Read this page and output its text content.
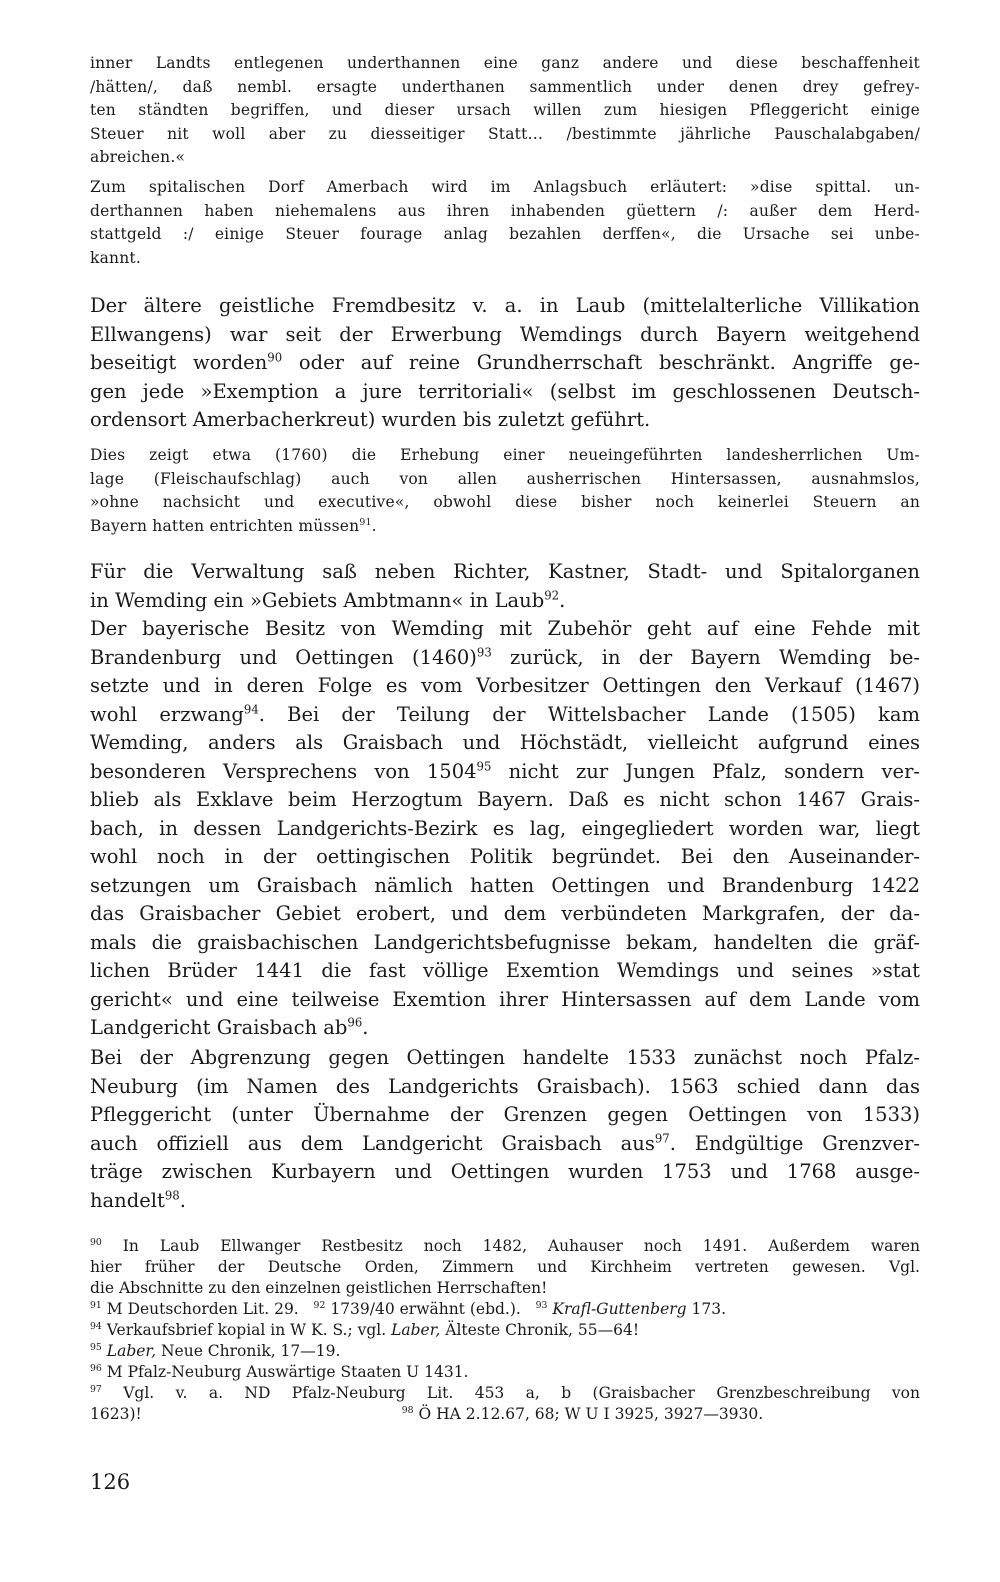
inner Landts entlegenen underthannen eine ganz andere und diese beschaffenheit
/hätten/, daß nembl. ersagte underthanen sammentlich under denen drey gefrey-
ten ständten begriffen, und dieser ursach willen zum hiesigen Pfleggericht einige
Steuer nit woll aber zu diesseitiger Statt… /bestimmte jährliche Pauschalabgaben/
abreichen.«
Zum spitalischen Dorf Amerbach wird im Anlagsbuch erläutert: »dise spittal. un-
derthannen haben niehemalens aus ihren inhabenden güettern /: außer dem Herd-
stattgeld :/ einige Steuer fourage anlag bezahlen derffen«, die Ursache sei unbe-
kannt.
Der ältere geistliche Fremdbesitz v. a. in Laub (mittelalterliche Villikation
Ellwangens) war seit der Erwerbung Wemdings durch Bayern weitgehend
beseitigt worden$^{90}$ oder auf reine Grundherrschaft beschränkt. Angriffe ge-
gen jede »Exemption a jure territoriali« (selbst im geschlossenen Deutsch-
ordensort Amerbacherkreut) wurden bis zuletzt geführt.
Dies zeigt etwa (1760) die Erhebung einer neueingeführten landesherrlichen Um-
lage (Fleischaufschlag) auch von allen ausherrischen Hintersassen, ausnahmslos,
»ohne nachsicht und executive«, obwohl diese bisher noch keinerlei Steuern an
Bayern hatten entrichten müssen$^{91}$.
Für die Verwaltung saß neben Richter, Kastner, Stadt- und Spitalorganen
in Wemding ein »Gebiets Ambtmann« in Laub$^{92}$.
Der bayerische Besitz von Wemding mit Zubehör geht auf eine Fehde mit
Brandenburg und Oettingen $(1460)^{93}$ zurück, in der Bayern Wemding be-
setzte und in deren Folge es vom Vorbesitzer Oettingen den Verkauf (1467)
wohl erzwang$^{94}$. Bei der Teilung der Wittelsbacher Lande (1505) kam
Wemding, anders als Graisbach und Höchstädt, vielleicht aufgrund eines
besonderen Versprechens von 1504$^{95}$ nicht zur Jungen Pfalz, sondern ver-
blieb als Exklave beim Herzogtum Bayern. Daß es nicht schon 1467 Grais-
bach, in dessen Landgerichts-Bezirk es lag, eingegliedert worden war, liegt
wohl noch in der oettingischen Politik begründet. Bei den Auseinander-
setzungen um Graisbach nämlich hatten Oettingen und Brandenburg 1422
das Graisbacher Gebiet erobert, und dem verbündeten Markgrafen, der da-
mals die graisbachischen Landgerichtsbefugnisse bekam, handelten die gräf-
lichen Brüder 1441 die fast völlige Exemtion Wemdings und seines »stat
gericht« und eine teilweise Exemtion ihrer Hintersassen auf dem Lande vom
Landgericht Graisbach $ab^{96}$.
Bei der Abgrenzung gegen Oettingen handelte 1533 zunächst noch Pfalz-
Neuburg (im Namen des Landgerichts Graisbach). 1563 schied dann das
Pfleggericht (unter Übernahme der Grenzen gegen Oettingen von 1533)
auch offiziell aus dem Landgericht Graisbach aus$^{97}$. Endgültige Grenzver-
träge zwischen Kurbayern und Oettingen wurden 1753 und 1768 ausge-
handelt$^{98}$.
$^{90}$ In Laub Ellwanger Restbesitz noch 1482, Auhauser noch 1491. Außerdem waren
hier früher der Deutsche Orden, Zimmern und Kirchheim vertreten gewesen. Vgl.
die Abschnitte zu den einzelnen geistlichen Herrschaften!
$^{91}$ M Deutschorden Lit. 29. $^{92}$ 1739/40 erwähnt (ebd.). $^{93}$ Krafl-Guttenberg 173.
$^{94}$ Verkaufsbrief kopial in W K. S.; vgl. Laber, Älteste Chronik, 55—64!
$^{95}$ Laber, Neue Chronik, 17—19.
$^{96}$ M Pfalz-Neuburg Auswärtige Staaten U 1431.
$^{97}$ Vgl. v. a. ND Pfalz-Neuburg Lit. 453 a, b (Graisbacher Grenzbeschreibung von
1623)!	$^{98}$ Ö HA 2.12.67, 68; W U I 3925, 3927—3930.
126
